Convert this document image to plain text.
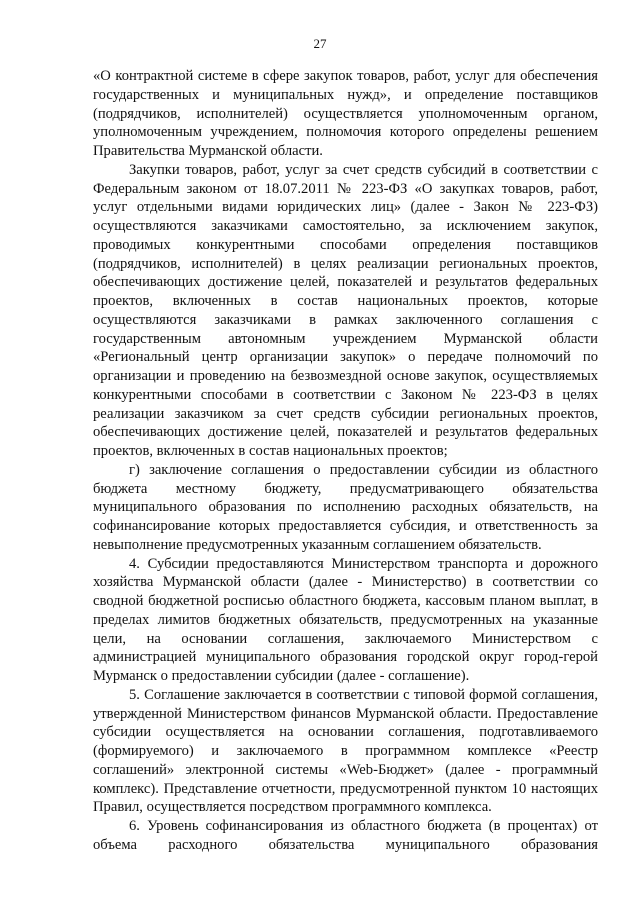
27

«О контрактной системе в сфере закупок товаров, работ, услуг для обеспечения государственных и муниципальных нужд», и определение поставщиков (подрядчиков, исполнителей) осуществляется уполномоченным органом, уполномоченным учреждением, полномочия которого определены решением Правительства Мурманской области.

Закупки товаров, работ, услуг за счет средств субсидий в соответствии с Федеральным законом от 18.07.2011 № 223-ФЗ «О закупках товаров, работ, услуг отдельными видами юридических лиц» (далее - Закон № 223-ФЗ) осуществляются заказчиками самостоятельно, за исключением закупок, проводимых конкурентными способами определения поставщиков (подрядчиков, исполнителей) в целях реализации региональных проектов, обеспечивающих достижение целей, показателей и результатов федеральных проектов, включенных в состав национальных проектов, которые осуществляются заказчиками в рамках заключенного соглашения с государственным автономным учреждением Мурманской области «Региональный центр организации закупок» о передаче полномочий по организации и проведению на безвозмездной основе закупок, осуществляемых конкурентными способами в соответствии с Законом № 223-ФЗ в целях реализации заказчиком за счет средств субсидии региональных проектов, обеспечивающих достижение целей, показателей и результатов федеральных проектов, включенных в состав национальных проектов;

г) заключение соглашения о предоставлении субсидии из областного бюджета местному бюджету, предусматривающего обязательства муниципального образования по исполнению расходных обязательств, на софинансирование которых предоставляется субсидия, и ответственность за невыполнение предусмотренных указанным соглашением обязательств.

4. Субсидии предоставляются Министерством транспорта и дорожного хозяйства Мурманской области (далее - Министерство) в соответствии со сводной бюджетной росписью областного бюджета, кассовым планом выплат, в пределах лимитов бюджетных обязательств, предусмотренных на указанные цели, на основании соглашения, заключаемого Министерством с администрацией муниципального образования городской округ город-герой Мурманск о предоставлении субсидии (далее - соглашение).

5. Соглашение заключается в соответствии с типовой формой соглашения, утвержденной Министерством финансов Мурманской области. Предоставление субсидии осуществляется на основании соглашения, подготавливаемого (формируемого) и заключаемого в программном комплексе «Реестр соглашений» электронной системы «Web-Бюджет» (далее - программный комплекс). Представление отчетности, предусмотренной пунктом 10 настоящих Правил, осуществляется посредством программного комплекса.

6. Уровень софинансирования из областного бюджета (в процентах) от объема расходного обязательства муниципального образования
